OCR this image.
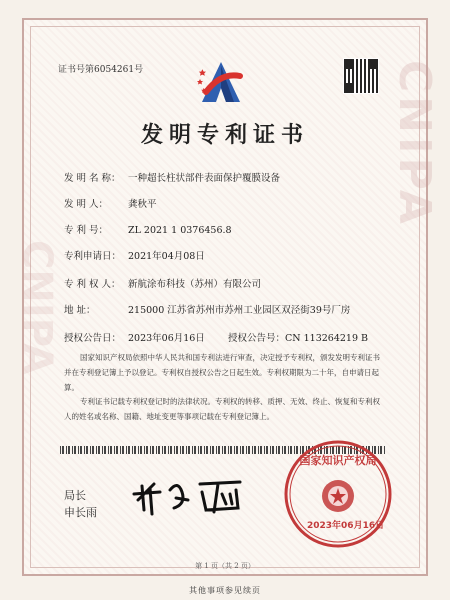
CNIPA
CNIPA
证书号第6054261号
发明专利证书
发 明 名 称： 一种超长柱状部件表面保护覆膜设备
发 明 人： 龚秋平
专 利 号： ZL 2021 1 0376456.8
专利申请日： 2021年04月08日
专 利 权 人： 新航涂布科技（苏州）有限公司
地 址：	215000 江苏省苏州市苏州工业园区双泾街39号厂房
授权公告日： 2023年06月16日 授权公告号：CN 113264219 B
国家知识产权局依照中华人民共和国专利法进行审查，决定授予专利权，颁发发明专利证书并在专利登记簿上予以登记。专利权自授权公告之日起生效。专利权期限为二十年，自申请日起算。
专利证书记载专利权登记时的法律状况。专利权的转移、质押、无效、终止、恢复和专利权人的姓名或名称、国籍、地址变更等事项记载在专利登记簿上。
局长
申长雨
国家知识产权局
2023年06月16日
第 1 页（共 2 页）
其他事项参见续页
